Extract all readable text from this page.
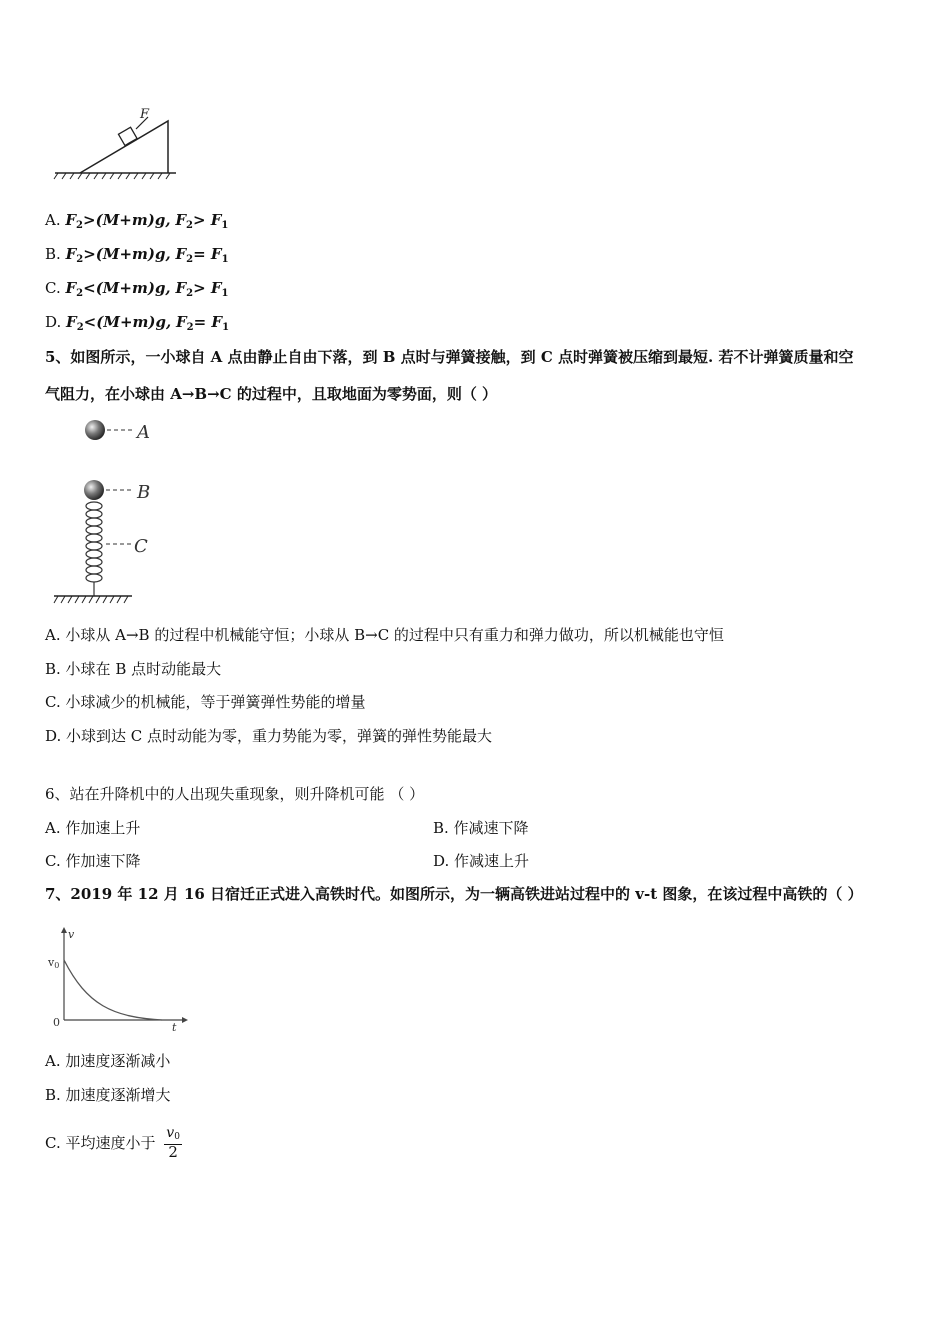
F
A. $F_2>(M+m)g$, $F_2> F_1$
B. $F_2>(M+m)g$, $F_2= F_1$
C. $F_2<(M+m)g$, $F_2> F_1$
D. $F_2<(M+m)g$, $F_2= F_1$
5、如图所示，一小球自 A 点由静止自由下落，到 B 点时与弹簧接触，到 C 点时弹簧被压缩到最短. 若不计弹簧质量和空
气阻力，在小球由 A→B→C 的过程中，且取地面为零势面，则（ ）
A
B
C
A. 小球从 A→B 的过程中机械能守恒；小球从 B→C 的过程中只有重力和弹力做功，所以机械能也守恒
B. 小球在 B 点时动能最大
C. 小球减少的机械能，等于弹簧弹性势能的增量
D. 小球到达 C 点时动能为零，重力势能为零，弹簧的弹性势能最大
6、站在升降机中的人出现失重现象，则升降机可能 （ ）
A. 作加速上升	B. 作减速下降
C. 作加速下降	D. 作减速上升
7、2019 年 12 月 16 日宿迁正式进入高铁时代。如图所示，为一辆高铁进站过程中的 v-t 图象，在该过程中高铁的（ ）
v
v0
0	t
A. 加速度逐渐减小
B. 加速度逐渐增大
C. 平均速度小于 $\frac{v0}{2}$
